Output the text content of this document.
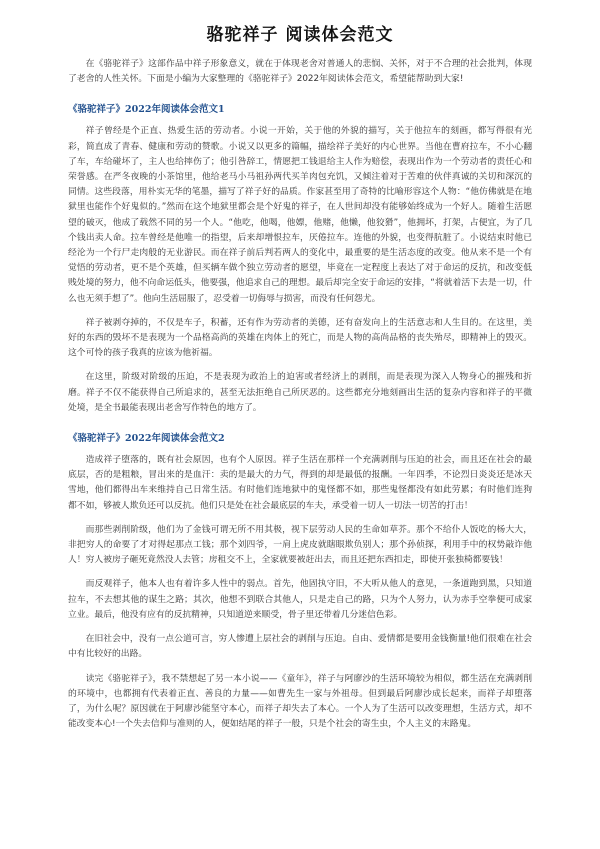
骆驼祥子 阅读体会范文

在《骆驼祥子》这部作品中祥子形象意义，就在于体现老舍对普通人的悲悯、关怀，对于不合理的社会批判，体现了老舍的人性关怀。下面是小编为大家整理的《骆驼祥子》2022年阅读体会范文，希望能帮助到大家!

《骆驼祥子》2022年阅读体会范文1

祥子曾经是个正直、热爱生活的劳动者。小说一开始，关于他的外貌的描写，关于他拉车的刻画，都写得很有光彩，简直成了青春、健康和劳动的赞歌。小说又以更多的篇幅，描绘祥子美好的内心世界。当他在曹府拉车，不小心翻了车，车给碰坏了，主人也给摔伤了；他引咎辞工，情愿把工钱退给主人作为赔偿，表现出作为一个劳动者的责任心和荣誉感。在严冬夜晚的小茶馆里，他给老马小马祖孙两代买羊肉包充饥，又倾注着对于苦难的伙伴真诚的关切和深沉的同情。这些段落，用朴实无华的笔墨，描写了祥子好的品质。作家甚至用了奇特的比喻形容这个人物：“他仿佛就是在地狱里也能作个好鬼似的。”然而在这个地狱里都会是个好鬼的祥子，在人世间却没有能够始终成为一个好人。随着生活愿望的破灭，他成了载然不同的另一个人。“他吃，他喝，他嫖，他赌，他懒，他狡猾”，他拥坏，打架，占便宜，为了几个钱出卖人命。拉车曾经是他唯一的指望，后来却增恨拉车，厌倦拉车。连他的外貌，也变得肮脏了。小说结束时他已经沦为一个行尸走肉般的无业游民。而在祥子前后判若两人的变化中，最重要的是生活态度的改变。他从来不是一个有觉悟的劳动者，更不是个英雄，但买辆车做个独立劳动者的愿望，毕竟在一定程度上表达了对于命运的反抗，和改变低贱处境的努力，他不向命运低头，他要强，他追求自己的理想。最后却完全安于命运的安排，“将就着活下去是一切，什么也无须手想了”。他向生活屈服了，忍受着一切侮辱与损害，而没有任何怨尤。

祥子被剥夺掉的，不仅是车子，积蓄，还有作为劳动者的美德，还有奋发向上的生活意志和人生目的。在这里，美好的东西的毁坏不是表现为一个品格高尚的英雄在肉体上的死亡，而是人物的高尚品格的丧失殆尽，即精神上的毁灭。这个可怜的孩子我真的应该为他祈福。

在这里，阶级对阶级的压迫，不是表现为政治上的迫害或者经济上的剥削，而是表现为深入人物身心的摧残和折磨。祥子不仅不能获得自己所追求的，甚至无法拒绝自己所厌恶的。这些都充分地刻画出生活的复杂内容和祥子的平微处境，是全书最能表现出老舍写作特色的地方了。

《骆驼祥子》2022年阅读体会范文2

造成祥子堕落的，既有社会原因，也有个人原因。祥子生活在那样一个充满剥削与压迫的社会，而且还在社会的最底层，否的是粗粮，冒出来的是血汗：卖的是最大的力气，得到的却是最低的报酬。一年四季，不论烈日炎炎还是冰天雪地，他们都得出车来维持自己日常生活。有时他们连地狱中的鬼怪都不如，那些鬼怪都没有如此劳累；有时他们连狗都不如，够被人欺负还可以反抗。他们只是处在社会最底层的车夫，承受着一切人一切法一切苦的打击！

而那些剥削阶级，他们为了金钱可谓无所不用其极，视下层劳动人民的生命如草芥。那个不给仆人饭吃的杨大大，非把穷人的命要了才对得起那点工钱；那个刘四爷，一肩上虎皮就瞎眼欺负别人；那个孙侦探，利用手中的权势敲诈他人！穷人被房子砸死竟然没人去管；房租交不上，全家就要被赶出去，而且还把东西扣走，即使开张独椅都要钱！

而反观祥子，他本人也有着许多人性中的弱点。首先，他固执守旧，不大听从他人的意见，一条道跑到黑，只知道拉车，不去想其他的谋生之路；其次，他想不到联合其他人，只是走自己的路，只为个人努力，认为赤手空拳便可成家立业。最后，他没有应有的反抗精神，只知道逆来顺受，骨子里还带着几分迷信色彩。

在旧社会中，没有一点公道可言，穷人惨遭上层社会的剥削与压迫。自由、爱情都是要用金钱衡量!他们很难在社会中有比较好的出路。

读完《骆驼祥子》，我不禁想起了另一本小说——《童年》，祥子与阿廖沙的生活环境较为相似，都生活在充满剥削的环境中，也都拥有代表着正直、善良的力量——如曹先生一家与外祖母。但到最后阿廖沙成长起来，而祥子却堕落了，为什么呢？原因就在于阿廖沙能坚守本心，而祥子却失去了本心。一个人为了生活可以改变理想，生活方式，却不能改变本心!一个失去信仰与准则的人，便如结尾的祥子一般，只是个社会的寄生虫，个人主义的末路鬼。
